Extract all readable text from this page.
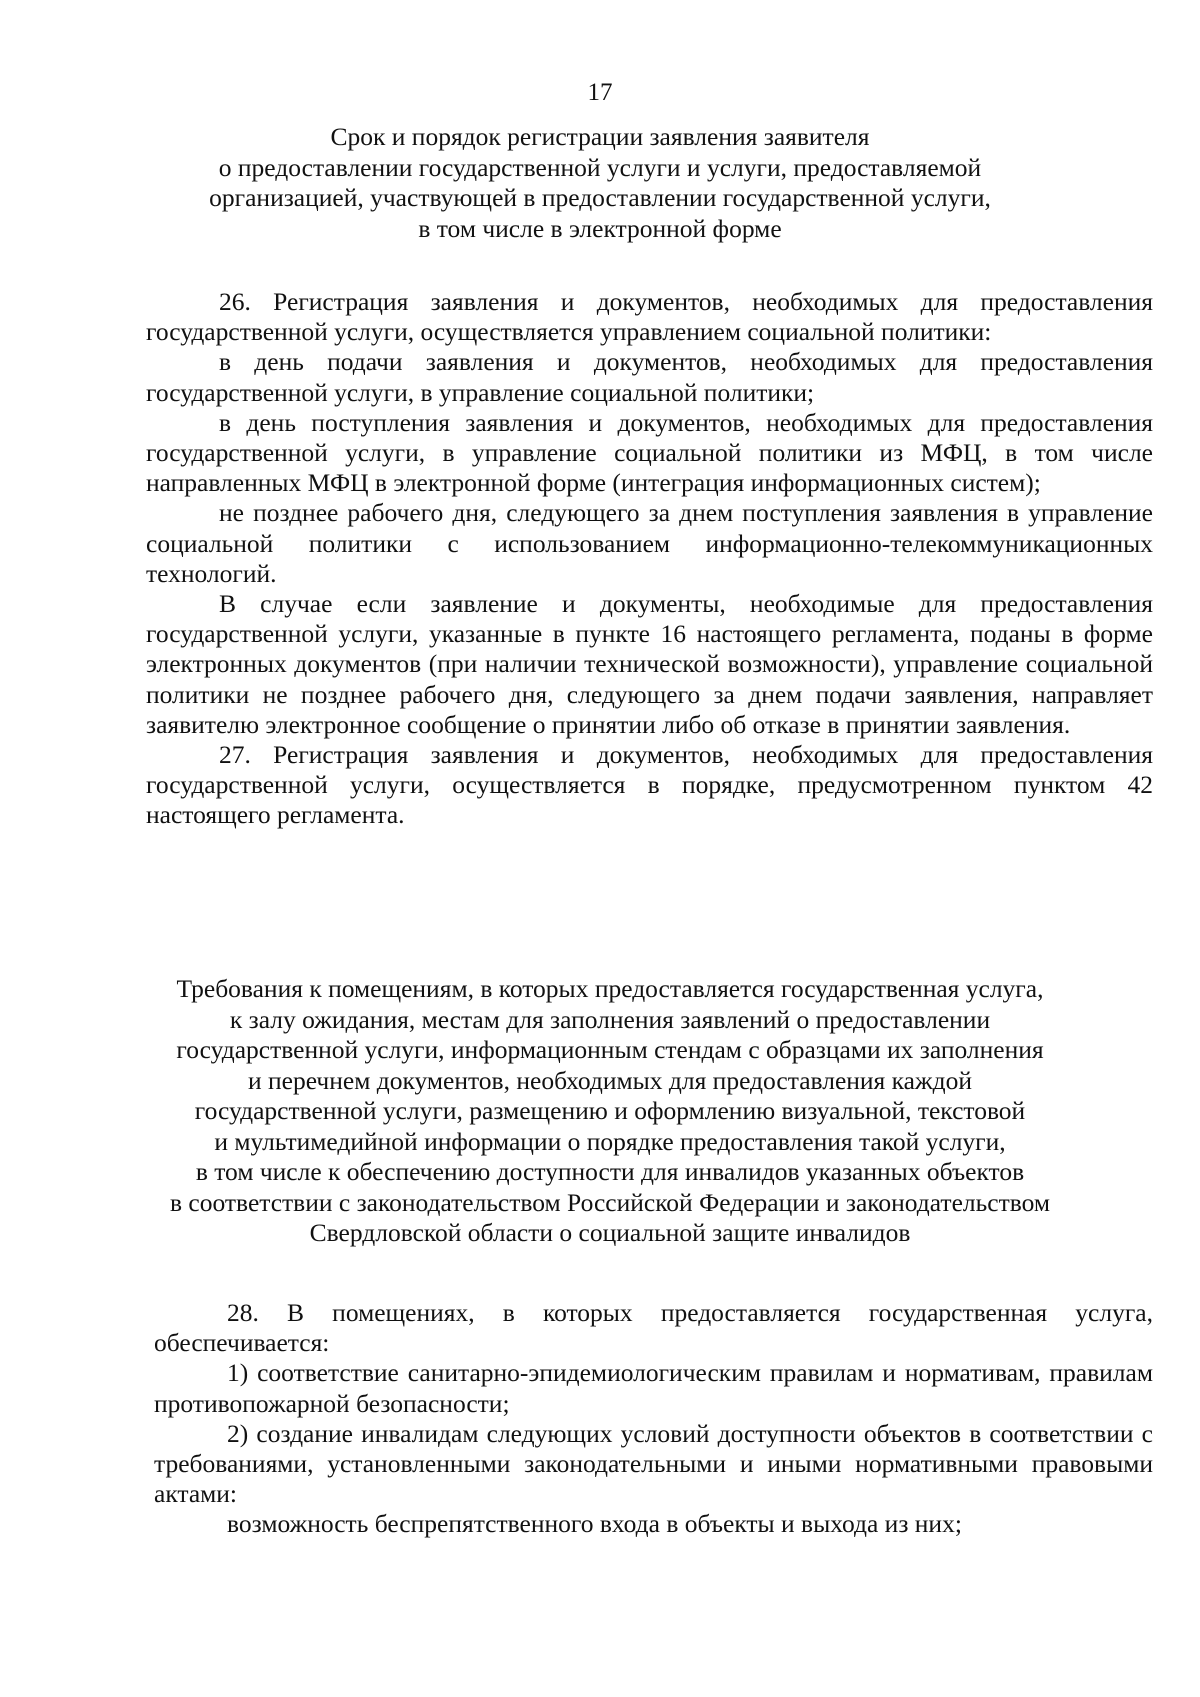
17
Срок и порядок регистрации заявления заявителя
о предоставлении государственной услуги и услуги, предоставляемой
организацией, участвующей в предоставлении государственной услуги,
в том числе в электронной форме

26. Регистрация заявления и документов, необходимых для предоставления государственной услуги, осуществляется управлением социальной политики:

в день подачи заявления и документов, необходимых для предоставления государственной услуги, в управление социальной политики;

в день поступления заявления и документов, необходимых для предоставления государственной услуги, в управление социальной политики из МФЦ, в том числе направленных МФЦ в электронной форме (интеграция информационных систем);

не позднее рабочего дня, следующего за днем поступления заявления в управление социальной политики с использованием информационно-телекоммуникационных технологий.

В случае если заявление и документы, необходимые для предоставления государственной услуги, указанные в пункте 16 настоящего регламента, поданы в форме электронных документов (при наличии технической возможности), управление социальной политики не позднее рабочего дня, следующего за днем подачи заявления, направляет заявителю электронное сообщение о принятии либо об отказе в принятии заявления.

27. Регистрация заявления и документов, необходимых для предоставления государственной услуги, осуществляется в порядке, предусмотренном пунктом 42 настоящего регламента.

Требования к помещениям, в которых предоставляется государственная услуга,
к залу ожидания, местам для заполнения заявлений о предоставлении
государственной услуги, информационным стендам с образцами их заполнения
и перечнем документов, необходимых для предоставления каждой
государственной услуги, размещению и оформлению визуальной, текстовой
и мультимедийной информации о порядке предоставления такой услуги,
в том числе к обеспечению доступности для инвалидов указанных объектов
в соответствии с законодательством Российской Федерации и законодательством
Свердловской области о социальной защите инвалидов

28. В помещениях, в которых предоставляется государственная услуга, обеспечивается:

1) соответствие санитарно-эпидемиологическим правилам и нормативам, правилам противопожарной безопасности;

2) создание инвалидам следующих условий доступности объектов в соответствии с требованиями, установленными законодательными и иными нормативными правовыми актами:

возможность беспрепятственного входа в объекты и выхода из них;
